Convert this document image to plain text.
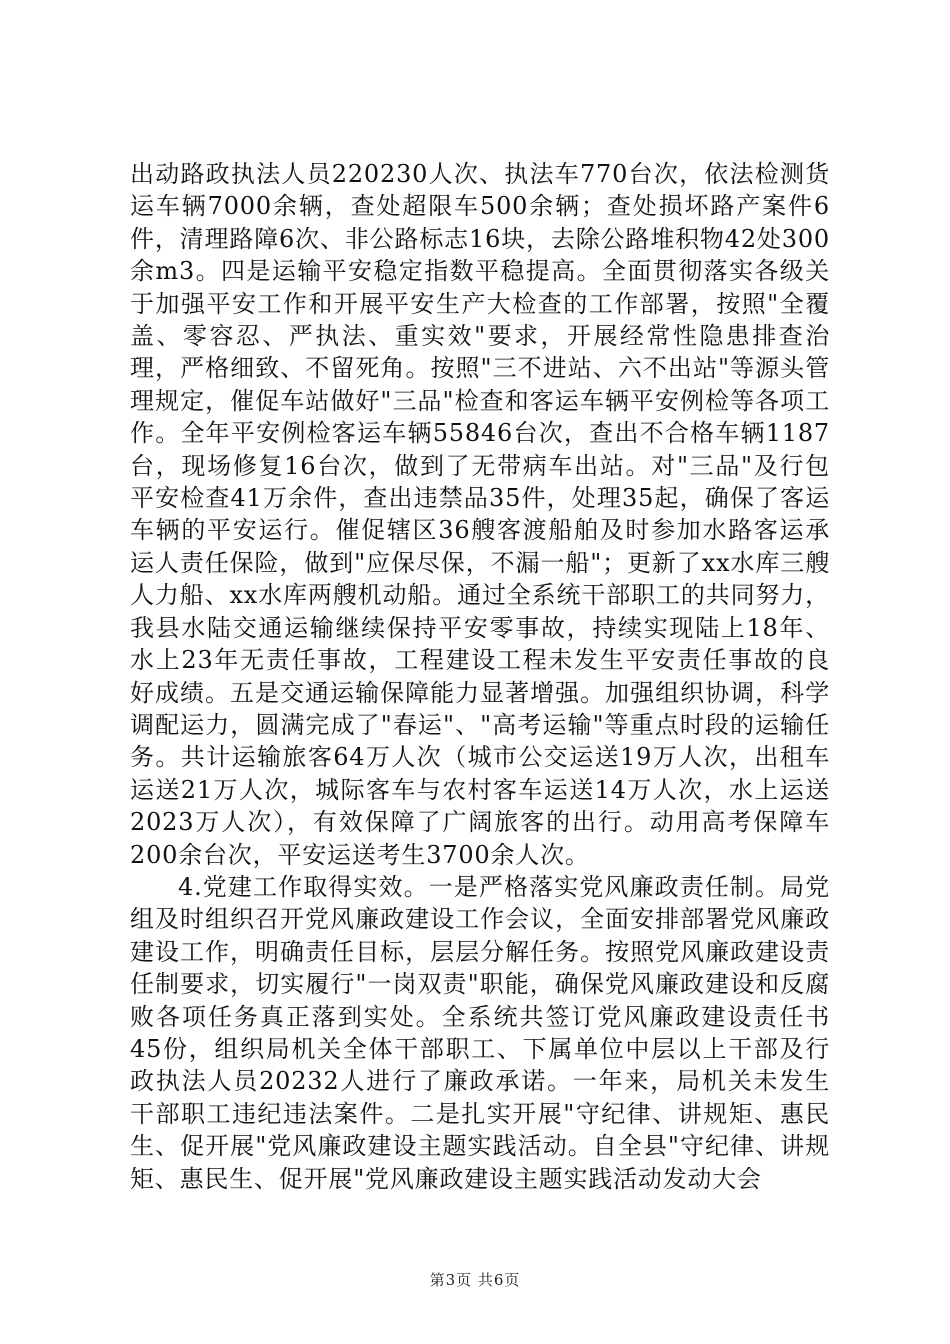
出动路政执法人员220230人次、执法车770台次，依法检测货运车辆7000余辆，查处超限车500余辆；查处损坏路产案件6件，清理路障6次、非公路标志16块，去除公路堆积物42处300余m3。四是运输平安稳定指数平稳提高。全面贯彻落实各级关于加强平安工作和开展平安生产大检查的工作部署，按照"全覆盖、零容忍、严执法、重实效"要求，开展经常性隐患排查治理，严格细致、不留死角。按照"三不进站、六不出站"等源头管理规定，催促车站做好"三品"检查和客运车辆平安例检等各项工作。全年平安例检客运车辆55846台次，查出不合格车辆1187台，现场修复16台次，做到了无带病车出站。对"三品"及行包平安检查41万余件，查出违禁品35件，处理35起，确保了客运车辆的平安运行。催促辖区36艘客渡船舶及时参加水路客运承运人责任保险，做到"应保尽保，不漏一船"；更新了xx水库三艘人力船、xx水库两艘机动船。通过全系统干部职工的共同努力，我县水陆交通运输继续保持平安零事故，持续实现陆上18年、水上23年无责任事故，工程建设工程未发生平安责任事故的良好成绩。五是交通运输保障能力显著增强。加强组织协调，科学调配运力，圆满完成了"春运"、"高考运输"等重点时段的运输任务。共计运输旅客64万人次（城市公交运送19万人次，出租车运送21万人次，城际客车与农村客车运送14万人次，水上运送2023万人次），有效保障了广阔旅客的出行。动用高考保障车200余台次，平安运送考生3700余人次。

4.党建工作取得实效。一是严格落实党风廉政责任制。局党组及时组织召开党风廉政建设工作会议，全面安排部署党风廉政建设工作，明确责任目标，层层分解任务。按照党风廉政建设责任制要求，切实履行"一岗双责"职能，确保党风廉政建设和反腐败各项任务真正落到实处。全系统共签订党风廉政建设责任书45份，组织局机关全体干部职工、下属单位中层以上干部及行政执法人员20232人进行了廉政承诺。一年来，局机关未发生干部职工违纪违法案件。二是扎实开展"守纪律、讲规矩、惠民生、促开展"党风廉政建设主题实践活动。自全县"守纪律、讲规矩、惠民生、促开展"党风廉政建设主题实践活动发动大会

第3页 共6页
